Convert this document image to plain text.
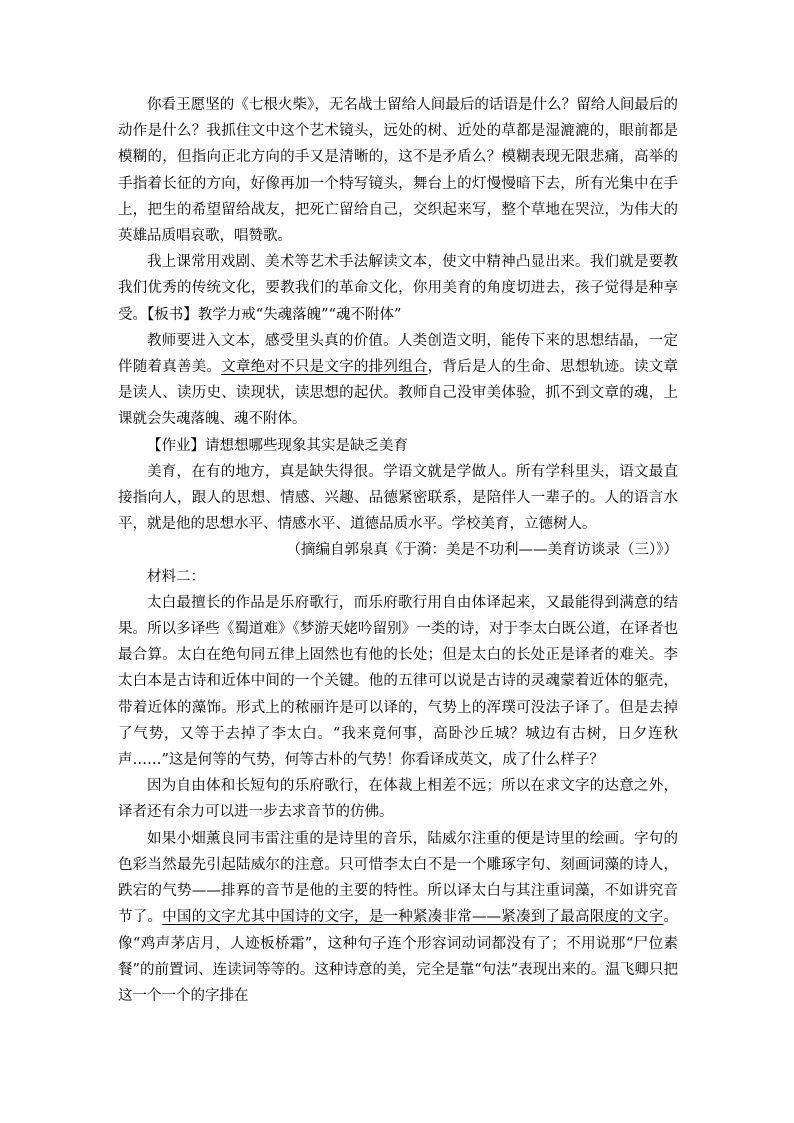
你看王愿坚的《七根火柴》，无名战士留给人间最后的话语是什么？留给人间最后的动作是什么？我抓住文中这个艺术镜头，远处的树、近处的草都是湿漉漉的，眼前都是模糊的，但指向正北方向的手又是清晰的，这不是矛盾么？模糊表现无限悲痛，高举的手指着长征的方向，好像再加一个特写镜头，舞台上的灯慢慢暗下去，所有光集中在手上，把生的希望留给战友，把死亡留给自己，交织起来写，整个草地在哭泣，为伟大的英雄品质唱哀歌，唱赞歌。

我上课常用戏剧、美术等艺术手法解读文本，使文中精神凸显出来。我们就是要教我们优秀的传统文化，要教我们的革命文化，你用美育的角度切进去，孩子觉得是种享受。【板书】教学力戒“失魂落魄”“魂不附体”

教师要进入文本，感受里头真的价值。人类创造文明，能传下来的思想结晶，一定伴随着真善美。文章绝对不只是文字的排列组合，背后是人的生命、思想轨迹。读文章是读人、读历史、读现状，读思想的起伏。教师自己没审美体验，抓不到文章的魂，上课就会失魂落魄、魂不附体。

【作业】请想想哪些现象其实是缺乏美育

美育，在有的地方，真是缺失得很。学语文就是学做人。所有学科里头，语文最直接指向人，跟人的思想、情感、兴趣、品德紧密联系，是陪伴人一辈子的。人的语言水平，就是他的思想水平、情感水平、道德品质水平。学校美育，立德树人。

（摘编自郭泉真《于漪：美是不功利——美育访谈录（三）》）

材料二：

太白最擅长的作品是乐府歌行，而乐府歌行用自由体译起来，又最能得到满意的结果。所以多译些《蜀道难》《梦游天姥吟留别》一类的诗，对于李太白既公道，在译者也最合算。太白在绝句同五律上固然也有他的长处；但是太白的长处正是译者的难关。李太白本是古诗和近体中间的一个关键。他的五律可以说是古诗的灵魂蒙着近体的躯壳，带着近体的藻饰。形式上的秾丽许是可以译的，气势上的浑璞可没法子译了。但是去掉了气势，又等于去掉了李太白。“我来竟何事，高卧沙丘城？城边有古树，日夕连秋声……”这是何等的气势，何等古朴的气势！你看译成英文，成了什么样子？

因为自由体和长短句的乐府歌行，在体裁上相差不远；所以在求文字的达意之外，译者还有余力可以进一步去求音节的仿佛。

如果小畑薰良同韦雷注重的是诗里的音乐，陆威尔注重的便是诗里的绘画。字句的色彩当然最先引起陆威尔的注意。只可惜李太白不是一个雕琢字句、刻画词藻的诗人，跌宕的气势——排奡的音节是他的主要的特性。所以译太白与其注重词藻，不如讲究音节了。中国的文字尤其中国诗的文字，是一种紧凑非常——紧凑到了最高限度的文字。像“鸡声茅店月，人迹板桥霜”，这种句子连个形容词动词都没有了；不用说那“尸位素餐”的前置词、连读词等等的。这种诗意的美，完全是靠“句法”表现出来的。温飞卿只把这一个一个的字排在
